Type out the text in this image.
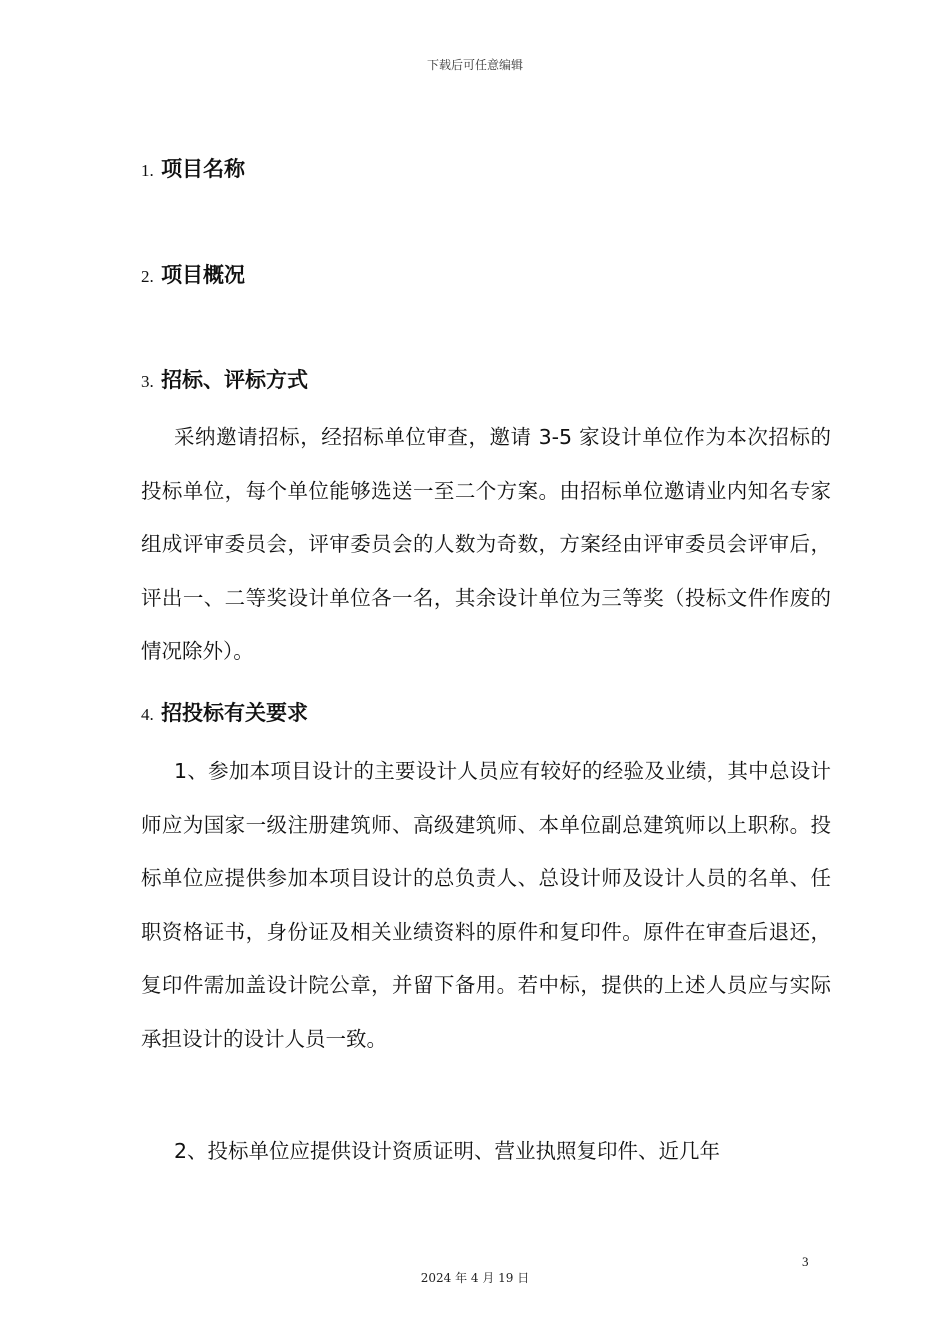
下载后可任意编辑
1. 项目名称
2. 项目概况
3. 招标、评标方式
采纳邀请招标，经招标单位审查，邀请 3-5 家设计单位作为本次招标的投标单位，每个单位能够选送一至二个方案。由招标单位邀请业内知名专家组成评审委员会，评审委员会的人数为奇数，方案经由评审委员会评审后，评出一、二等奖设计单位各一名，其余设计单位为三等奖（投标文件作废的情况除外）。
4. 招投标有关要求
1、参加本项目设计的主要设计人员应有较好的经验及业绩，其中总设计师应为国家一级注册建筑师、高级建筑师、本单位副总建筑师以上职称。投标单位应提供参加本项目设计的总负责人、总设计师及设计人员的名单、任职资格证书，身份证及相关业绩资料的原件和复印件。原件在审查后退还，复印件需加盖设计院公章，并留下备用。若中标，提供的上述人员应与实际承担设计的设计人员一致。
2、投标单位应提供设计资质证明、营业执照复印件、近几年
3
2024 年 4 月 19 日
